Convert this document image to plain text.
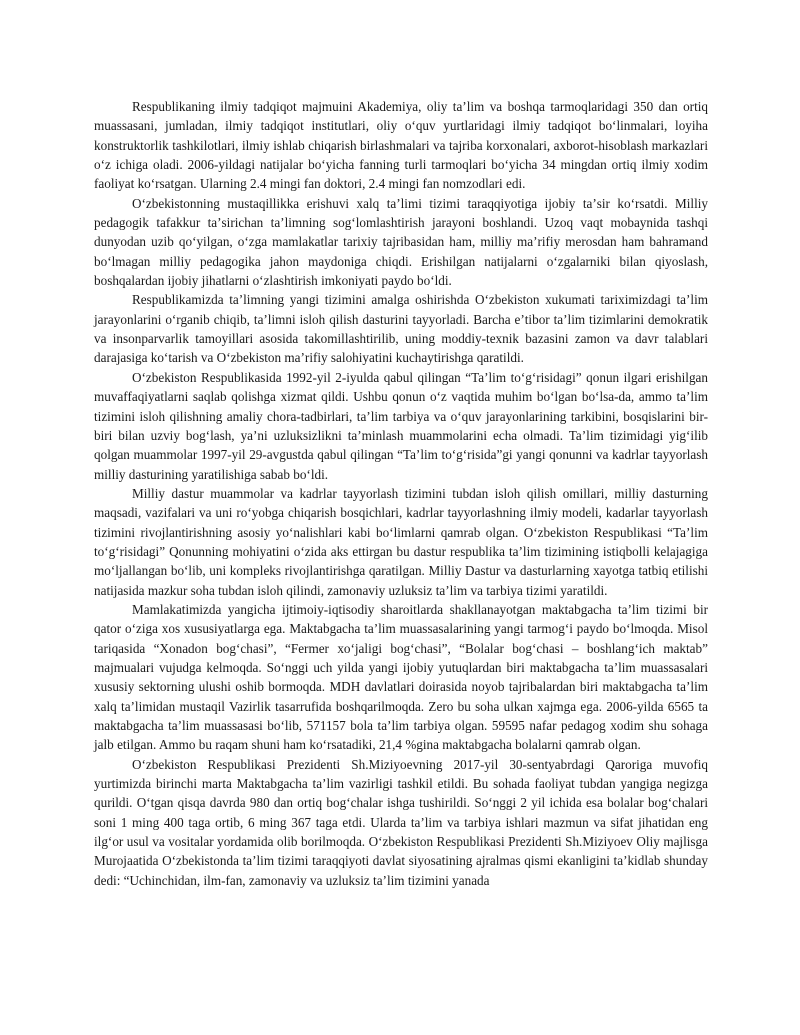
Respublikaning ilmiy tadqiqot majmuini Akademiya, oliy taʼlim va boshqa tarmoqlaridagi 350 dan ortiq muassasani, jumladan, ilmiy tadqiqot institutlari, oliy oʻquv yurtlaridagi ilmiy tadqiqot boʻlinmalari, loyiha konstruktorlik tashkilotlari, ilmiy ishlab chiqarish birlashmalari va tajriba korxonalari, axborot-hisoblash markazlari oʻz ichiga oladi. 2006-yildagi natijalar boʻyicha fanning turli tarmoqlari boʻyicha 34 mingdan ortiq ilmiy xodim faoliyat koʻrsatgan. Ularning 2.4 mingi fan doktori, 2.4 mingi fan nomzodlari edi.

Oʻzbekistonning mustaqillikka erishuvi xalq taʼlimi tizimi taraqqiyotiga ijobiy taʼsir koʻrsatdi. Milliy pedagogik tafakkur taʼsirichan taʼlimning sogʻlomlashtirish jarayoni boshlandi. Uzoq vaqt mobaynida tashqi dunyodan uzib qoʻyilgan, oʻzga mamlakatlar tarixiy tajribasidan ham, milliy maʼrifiy merosdan ham bahramand boʻlmagan milliy pedagogika jahon maydoniga chiqdi. Erishilgan natijalarni oʻzgalarniki bilan qiyoslash, boshqalardan ijobiy jihatlarni oʻzlashtirish imkoniyati paydo boʻldi.

Respublikamizda taʼlimning yangi tizimini amalga oshirishda Oʻzbekiston xukumati tariximizdagi taʼlim jarayonlarini oʻrganib chiqib, taʼlimni isloh qilish dasturini tayyorladi. Barcha eʼtibor taʼlim tizimlarini demokratik va insonparvarlik tamoyillari asosida takomillashtirilib, uning moddiy-texnik bazasini zamon va davr talablari darajasiga koʻtarish va Oʻzbekiston maʼrifiy salohiyatini kuchaytirishga qaratildi.

Oʻzbekiston Respublikasida 1992-yil 2-iyulda qabul qilingan “Taʼlim toʻgʻrisidagi” qonun ilgari erishilgan muvaffaqiyatlarni saqlab qolishga xizmat qildi. Ushbu qonun oʻz vaqtida muhim boʻlgan boʻlsa-da, ammo taʼlim tizimini isloh qilishning amaliy chora-tadbirlari, taʼlim tarbiya va oʻquv jarayonlarining tarkibini, bosqislarini bir-biri bilan uzviy bogʻlash, yaʼni uzluksizlikni taʼminlash muammolarini echa olmadi. Taʼlim tizimidagi yigʻilib qolgan muammolar 1997-yil 29-avgustda qabul qilingan “Taʼlim toʻgʻrisida”gi yangi qonunni va kadrlar tayyorlash milliy dasturining yaratilishiga sabab boʻldi.

Milliy dastur muammolar va kadrlar tayyorlash tizimini tubdan isloh qilish omillari, milliy dasturning maqsadi, vazifalari va uni roʻyobga chiqarish bosqichlari, kadrlar tayyorlashning ilmiy modeli, kadarlar tayyorlash tizimini rivojlantirishning asosiy yoʻnalishlari kabi boʻlimlarni qamrab olgan. Oʻzbekiston Respublikasi “Taʼlim toʻgʻrisidagi” Qonunning mohiyatini oʻzida aks ettirgan bu dastur respublika taʼlim tizimining istiqbolli kelajagiga moʻljallangan boʻlib, uni kompleks rivojlantirishga qaratilgan. Milliy Dastur va dasturlarning xayotga tatbiq etilishi natijasida mazkur soha tubdan isloh qilindi, zamonaviy uzluksiz taʼlim va tarbiya tizimi yaratildi.

Mamlakatimizda yangicha ijtimoiy-iqtisodiy sharoitlarda shakllanayotgan maktabgacha taʼlim tizimi bir qator oʻziga xos xususiyatlarga ega. Maktabgacha taʼlim muassasalarining yangi tarmogʻi paydo boʻlmoqda. Misol tariqasida “Xonadon bogʻchasi”, “Fermer xoʻjaligi bogʻchasi”, “Bolalar bogʻchasi – boshlangʻich maktab” majmualari vujudga kelmoqda. Soʻnggi uch yilda yangi ijobiy yutuqlardan biri maktabgacha taʼlim muassasalari xususiy sektorning ulushi oshib bormoqda. MDH davlatlari doirasida noyob tajribalardan biri maktabgacha taʼlim xalq taʼlimidan mustaqil Vazirlik tasarrufida boshqarilmoqda. Zero bu soha ulkan xajmga ega. 2006-yilda 6565 ta maktabgacha taʼlim muassasasi boʻlib, 571157 bola taʼlim tarbiya olgan. 59595 nafar pedagog xodim shu sohaga jalb etilgan. Ammo bu raqam shuni ham koʻrsatadiki, 21,4 %gina maktabgacha bolalarni qamrab olgan.

Oʻzbekiston Respublikasi Prezidenti Sh.Miziyoevning 2017-yil 30-sentyabrdagi Qaroriga muvofiq yurtimizda birinchi marta Maktabgacha taʼlim vazirligi tashkil etildi. Bu sohada faoliyat tubdan yangiga negizga qurildi. Oʻtgan qisqa davrda 980 dan ortiq bogʻchalar ishga tushirildi. Soʻnggi 2 yil ichida esa bolalar bogʻchalari soni 1 ming 400 taga ortib, 6 ming 367 taga etdi. Ularda taʼlim va tarbiya ishlari mazmun va sifat jihatidan eng ilgʻor usul va vositalar yordamida olib borilmoqda. Oʻzbekiston Respublikasi Prezidenti Sh.Miziyoev Oliy majlisga Murojaatida Oʻzbekistonda taʼlim tizimi taraqqiyoti davlat siyosatining ajralmas qismi ekanligini taʼkidlab shunday dedi: “Uchinchidan, ilm-fan, zamonaviy va uzluksiz taʼlim tizimini yanada
